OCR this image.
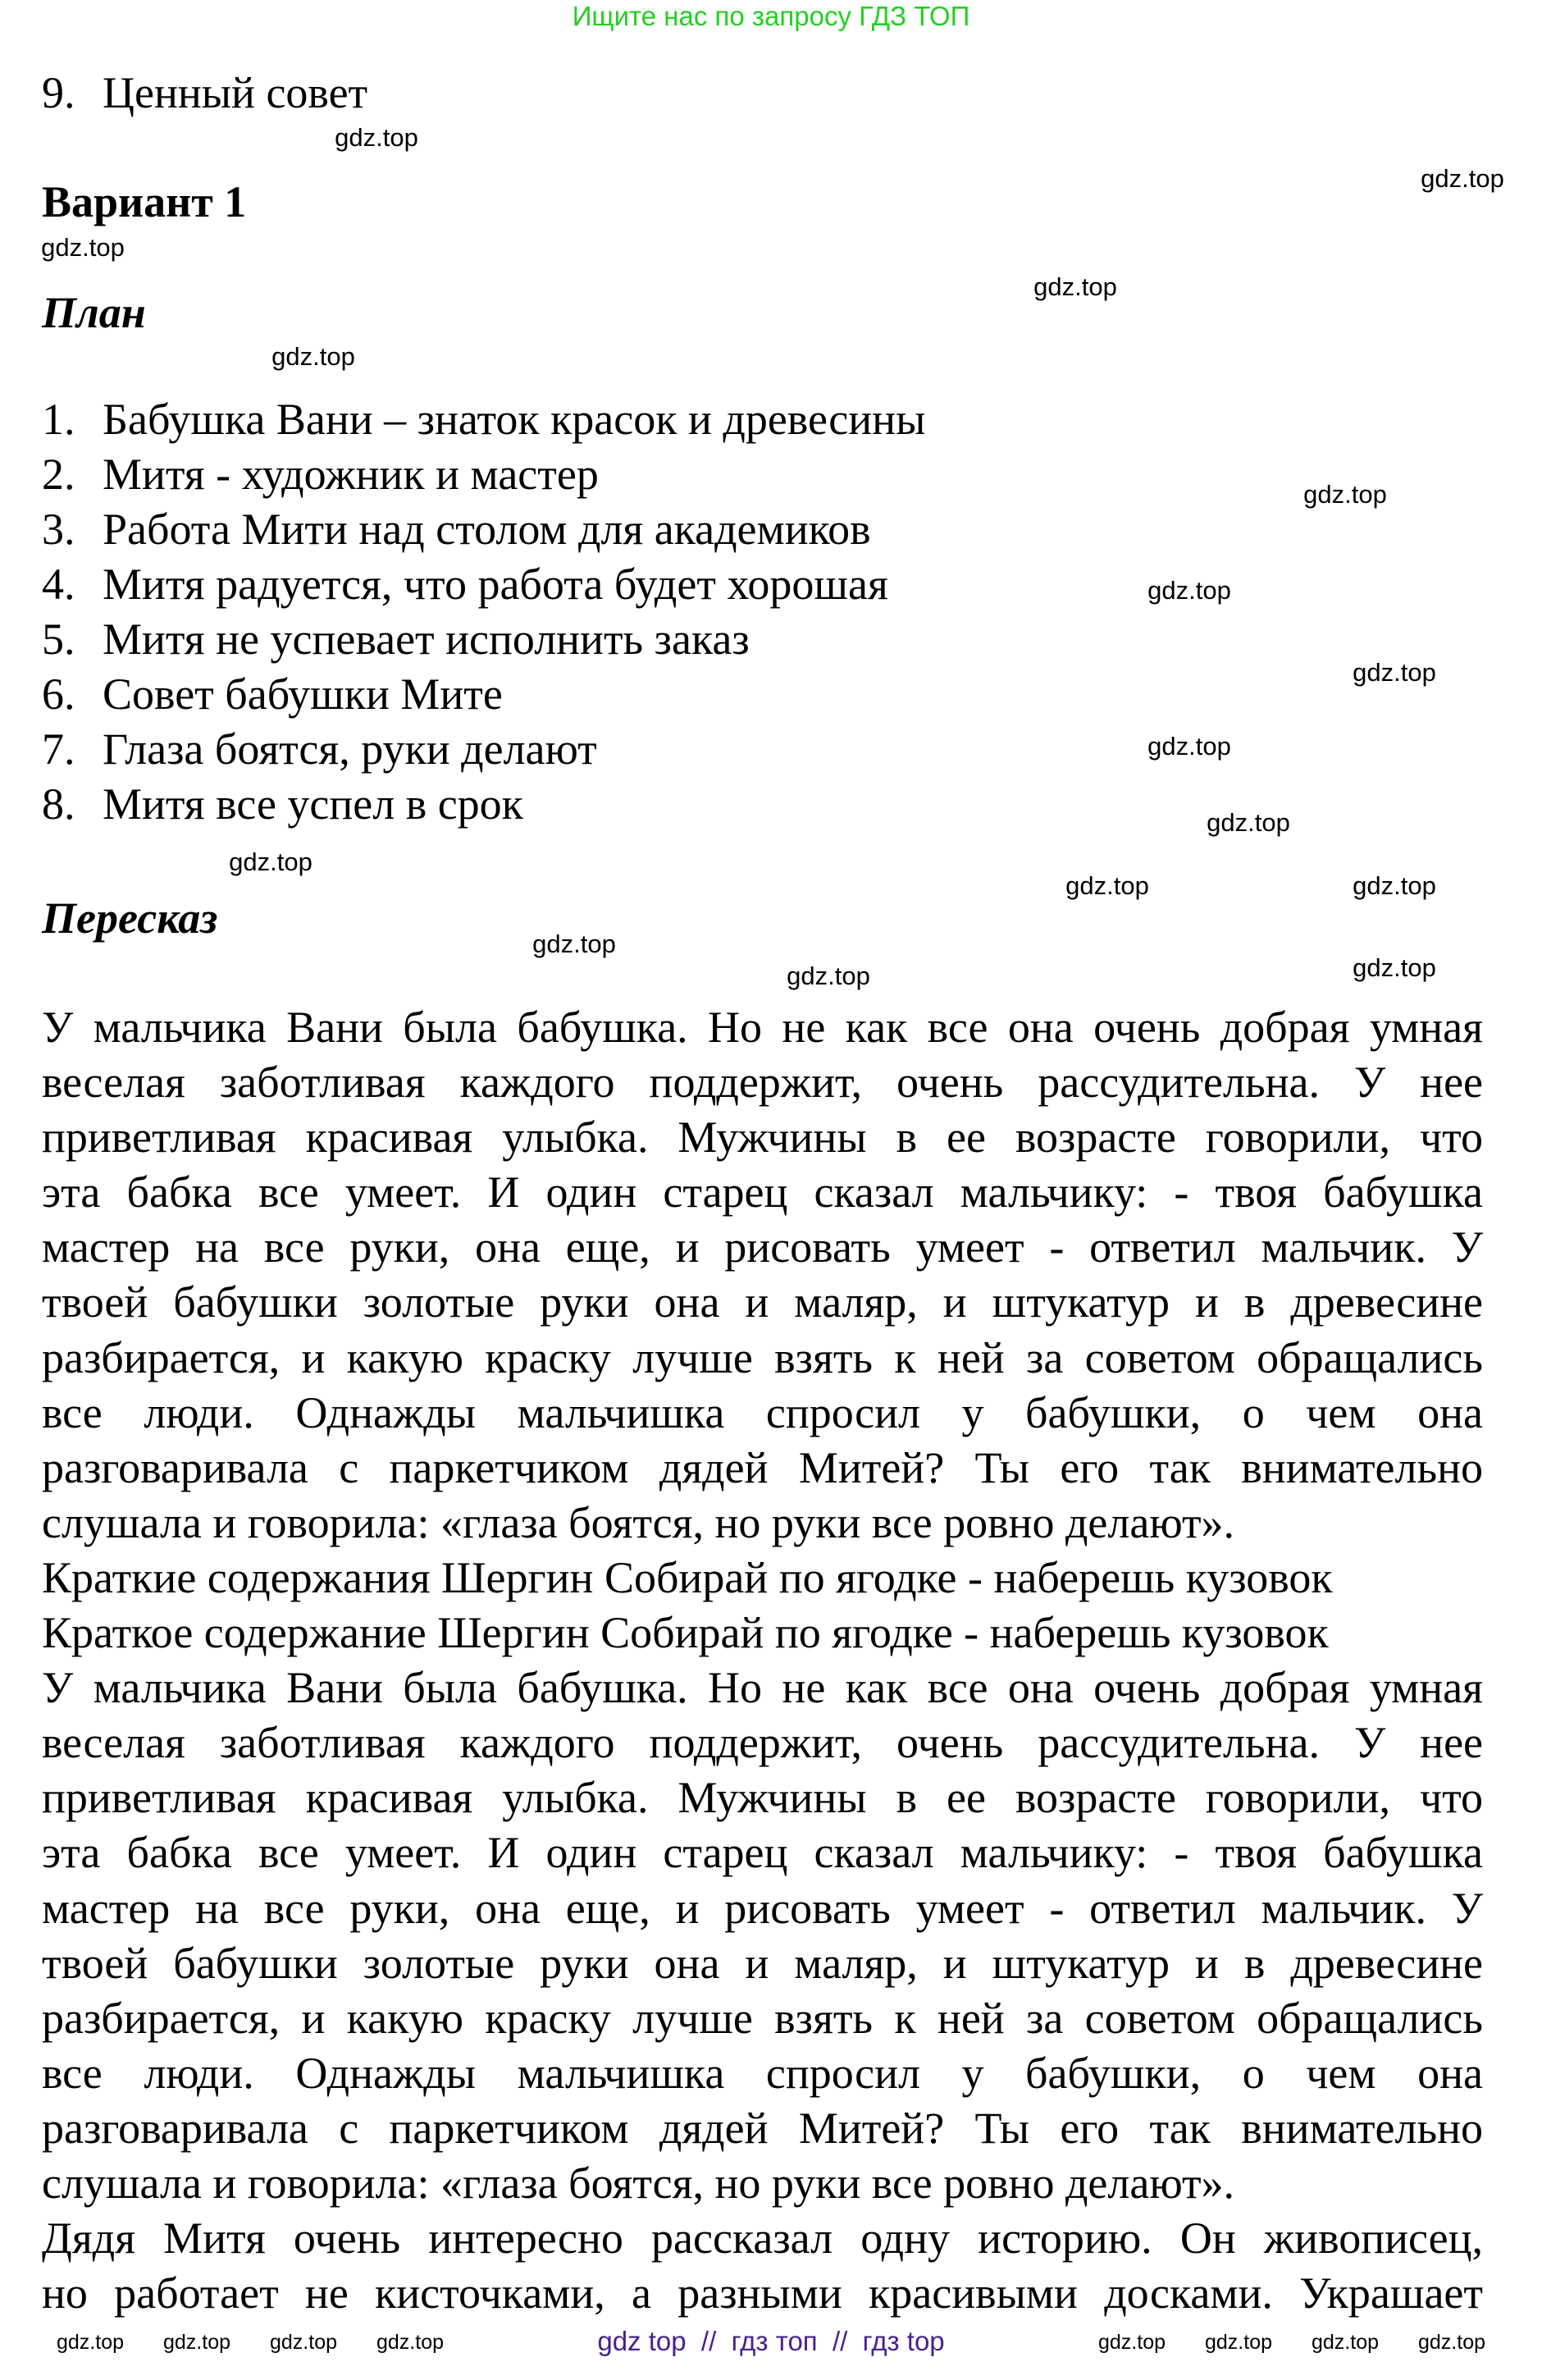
Ищите нас по запросу ГДЗ ТОП
9. Ценный совет
Вариант 1
План
1. Бабушка Вани – знаток красок и древесины
2. Митя - художник и мастер
3. Работа Мити над столом для академиков
4. Митя радуется, что работа будет хорошая
5. Митя не успевает исполнить заказ
6. Совет бабушки Мите
7. Глаза боятся, руки делают
8. Митя все успел в срок
Пересказ
У мальчика Вани была бабушка. Но не как все она очень добрая умная
веселая заботливая каждого поддержит, очень рассудительна. У нее
приветливая красивая улыбка. Мужчины в ее возрасте говорили, что
эта бабка все умеет. И один старец сказал мальчику: - твоя бабушка
мастер на все руки, она еще, и рисовать умеет - ответил мальчик. У
твоей бабушки золотые руки она и маляр, и штукатур и в древесине
разбирается, и какую краску лучше взять к ней за советом обращались
все люди. Однажды мальчишка спросил у бабушки, о чем она
разговаривала с паркетчиком дядей Митей? Ты его так внимательно
слушала и говорила: «глаза боятся, но руки все ровно делают».
Краткие содержания Шергин Собирай по ягодке - наберешь кузовок
Краткое содержание Шергин Собирай по ягодке - наберешь кузовок
У мальчика Вани была бабушка. Но не как все она очень добрая умная
веселая заботливая каждого поддержит, очень рассудительна. У нее
приветливая красивая улыбка. Мужчины в ее возрасте говорили, что
эта бабка все умеет. И один старец сказал мальчику: - твоя бабушка
мастер на все руки, она еще, и рисовать умеет - ответил мальчик. У
твоей бабушки золотые руки она и маляр, и штукатур и в древесине
разбирается, и какую краску лучше взять к ней за советом обращались
все люди. Однажды мальчишка спросил у бабушки, о чем она
разговаривала с паркетчиком дядей Митей? Ты его так внимательно
слушала и говорила: «глаза боятся, но руки все ровно делают».
Дядя Митя очень интересно рассказал одну историю. Он живописец,
но работает не кисточками, а разными красивыми досками. Украшает
gdz.top
gdz.top
gdz.top
gdz.top
gdz.top
gdz.top
gdz.top
gdz.top
gdz.top
gdz.top
gdz.top
gdz.top
gdz.top
gdz.top
gdz.top
gdz.top
gdz.top gdz.top gdz.top gdz.top	gdz.top gdz.top gdz.top gdz.top
gdz top  //  гдз топ  //  гдз top
